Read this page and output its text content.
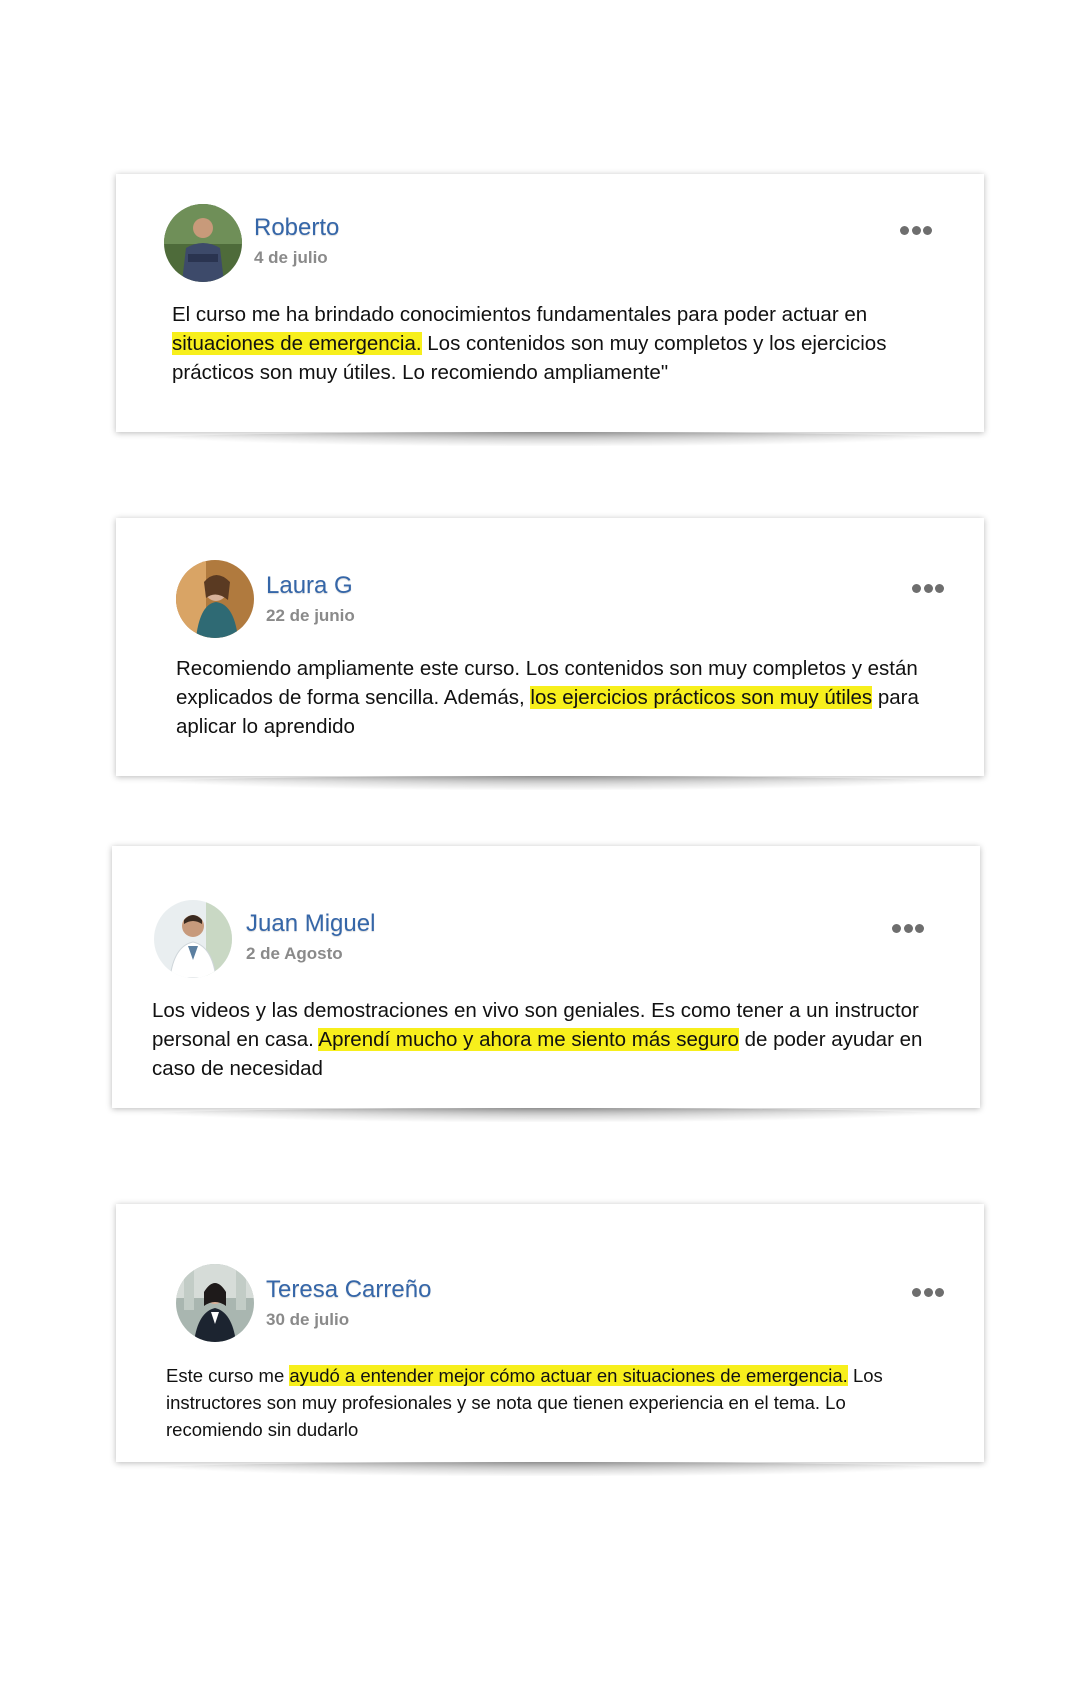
Roberto
4 de julio
El curso me ha brindado conocimientos fundamentales para poder actuar en situaciones de emergencia. Los contenidos son muy completos y los ejercicios prácticos son muy útiles. Lo recomiendo ampliamente"
Laura G
22 de junio
Recomiendo ampliamente este curso. Los contenidos son muy completos y están explicados de forma sencilla. Además, los ejercicios prácticos son muy útiles para aplicar lo aprendido
Juan Miguel
2 de Agosto
Los videos y las demostraciones en vivo son geniales. Es como tener a un instructor personal en casa. Aprendí mucho y ahora me siento más seguro de poder ayudar en caso de necesidad
Teresa Carreño
30 de julio
Este curso me ayudó a entender mejor cómo actuar en situaciones de emergencia. Los instructores son muy profesionales y se nota que tienen experiencia en el tema. Lo recomiendo sin dudarlo
